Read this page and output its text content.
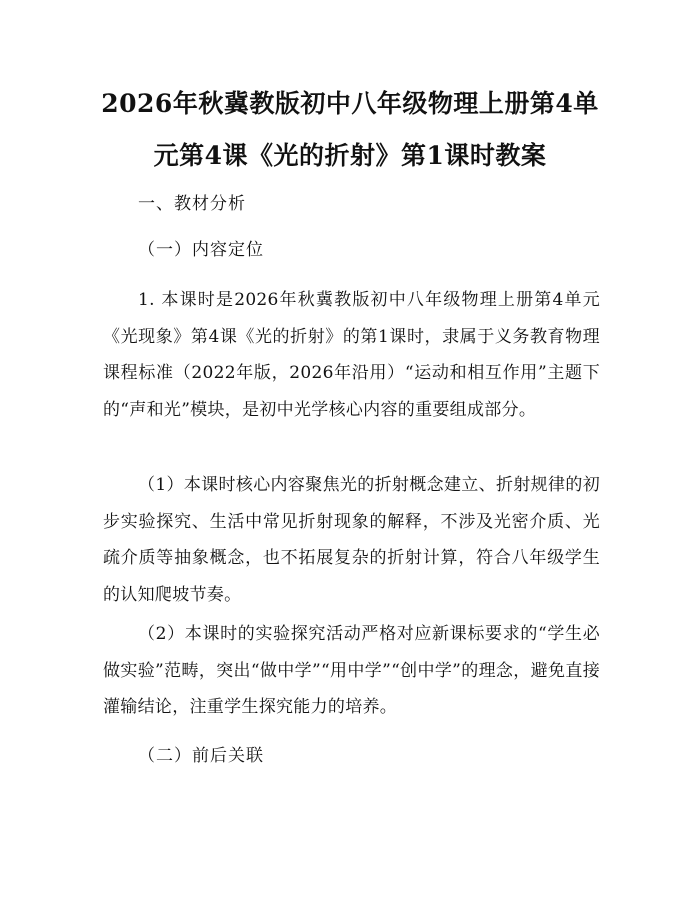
2026年秋冀教版初中八年级物理上册第4单元第4课《光的折射》第1课时教案

一、教材分析

（一）内容定位

1. 本课时是2026年秋冀教版初中八年级物理上册第4单元《光现象》第4课《光的折射》的第1课时，隶属于义务教育物理课程标准（2022年版，2026年沿用）“运动和相互作用”主题下的“声和光”模块，是初中光学核心内容的重要组成部分。

（1）本课时核心内容聚焦光的折射概念建立、折射规律的初步实验探究、生活中常见折射现象的解释，不涉及光密介质、光疏介质等抽象概念，也不拓展复杂的折射计算，符合八年级学生的认知爬坡节奏。

（2）本课时的实验探究活动严格对应新课标要求的“学生必做实验”范畴，突出“做中学”“用中学”“创中学”的理念，避免直接灌输结论，注重学生探究能力的培养。

（二）前后关联
